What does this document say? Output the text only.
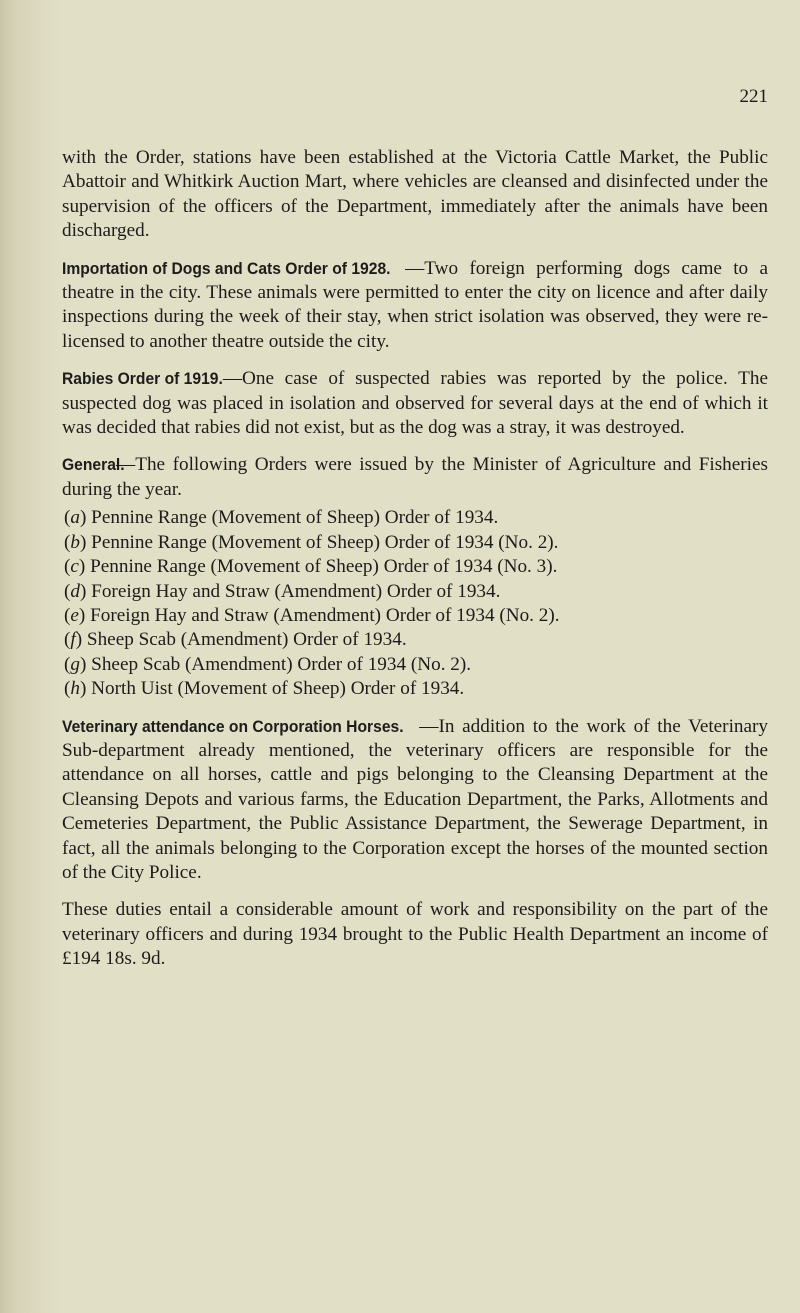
221

with the Order, stations have been established at the Victoria Cattle Market, the Public Abattoir and Whitkirk Auction Mart, where vehicles are cleansed and disinfected under the supervision of the officers of the Department, immediately after the animals have been discharged.

Importation of Dogs and Cats Order of 1928. —Two foreign performing dogs came to a theatre in the city. These animals were permitted to enter the city on licence and after daily inspections during the week of their stay, when strict isolation was observed, they were re-licensed to another theatre outside the city.

Rabies Order of 1919.—One case of suspected rabies was reported by the police. The suspected dog was placed in isolation and observed for several days at the end of which it was decided that rabies did not exist, but as the dog was a stray, it was destroyed.

General.—The following Orders were issued by the Minister of Agriculture and Fisheries during the year.

(a) Pennine Range (Movement of Sheep) Order of 1934.
(b) Pennine Range (Movement of Sheep) Order of 1934 (No. 2).
(c) Pennine Range (Movement of Sheep) Order of 1934 (No. 3).
(d) Foreign Hay and Straw (Amendment) Order of 1934.
(e) Foreign Hay and Straw (Amendment) Order of 1934 (No. 2).
(f) Sheep Scab (Amendment) Order of 1934.
(g) Sheep Scab (Amendment) Order of 1934 (No. 2).
(h) North Uist (Movement of Sheep) Order of 1934.

Veterinary attendance on Corporation Horses. —In addition to the work of the Veterinary Sub-department already mentioned, the veterinary officers are responsible for the attendance on all horses, cattle and pigs belonging to the Cleansing Department at the Cleansing Depots and various farms, the Education Department, the Parks, Allotments and Cemeteries Department, the Public Assistance Department, the Sewerage Department, in fact, all the animals belonging to the Corporation except the horses of the mounted section of the City Police.

These duties entail a considerable amount of work and responsibility on the part of the veterinary officers and during 1934 brought to the Public Health Department an income of £194 18s. 9d.
